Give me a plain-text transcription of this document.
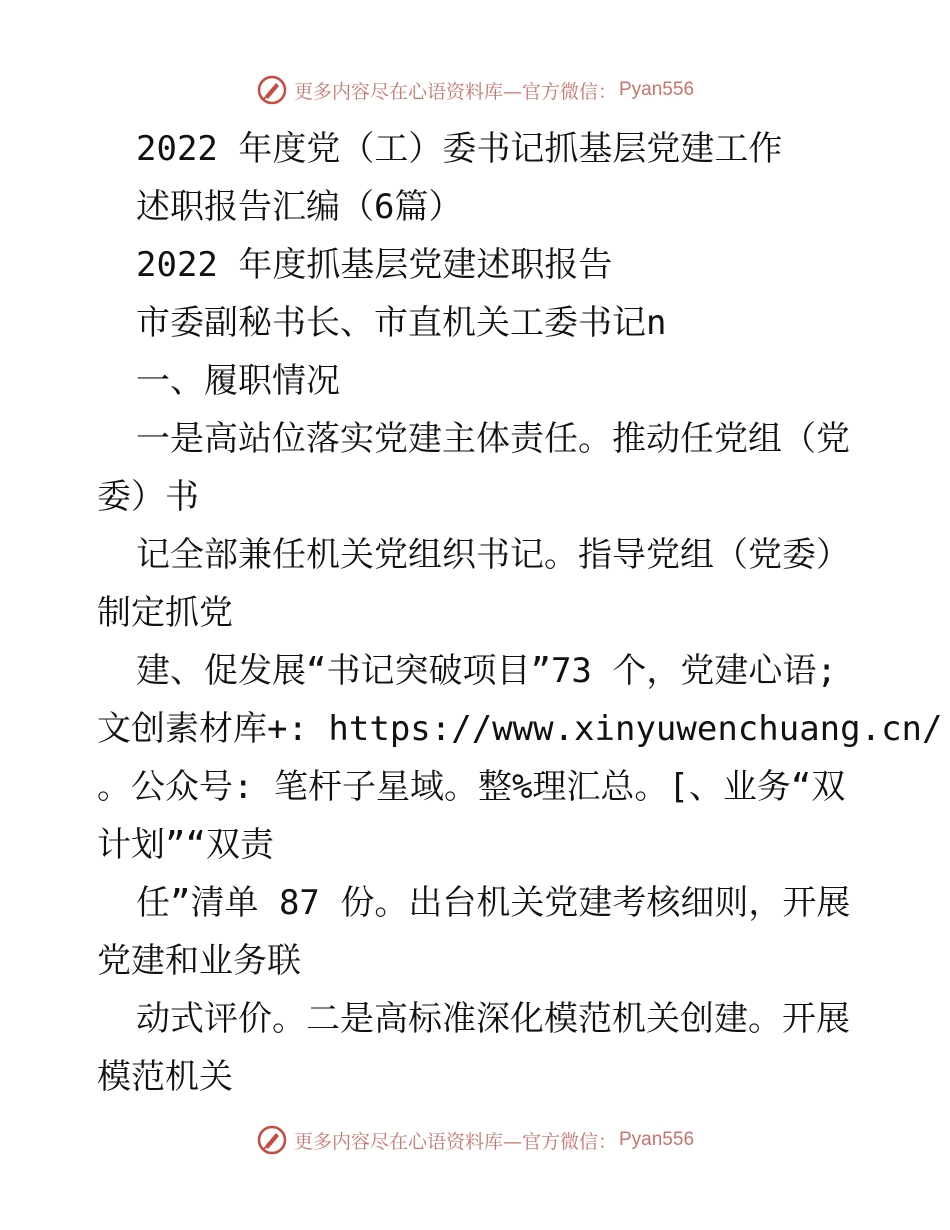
更多内容尽在心语资料库—官方微信： Pyan556
2022 年度党（工）委书记抓基层党建工作
述职报告汇编（6篇）
2022 年度抓基层党建述职报告
市委副秘书长、市直机关工委书记n
一、履职情况
一是高站位落实党建主体责任。推动任党组（党
委）书
记全部兼任机关党组织书记。指导党组（党委）
制定抓党
建、促发展“书记突破项目”73 个，党建心语;
文创素材库+: https://www.xinyuwenchuang.cn/
。公众号: 笔杆子星域。整%理汇总。[、业务“双
计划”“双责
任”清单 87 份。出台机关党建考核细则，开展
党建和业务联
动式评价。二是高标准深化模范机关创建。开展
模范机关
更多内容尽在心语资料库—官方微信： Pyan556
